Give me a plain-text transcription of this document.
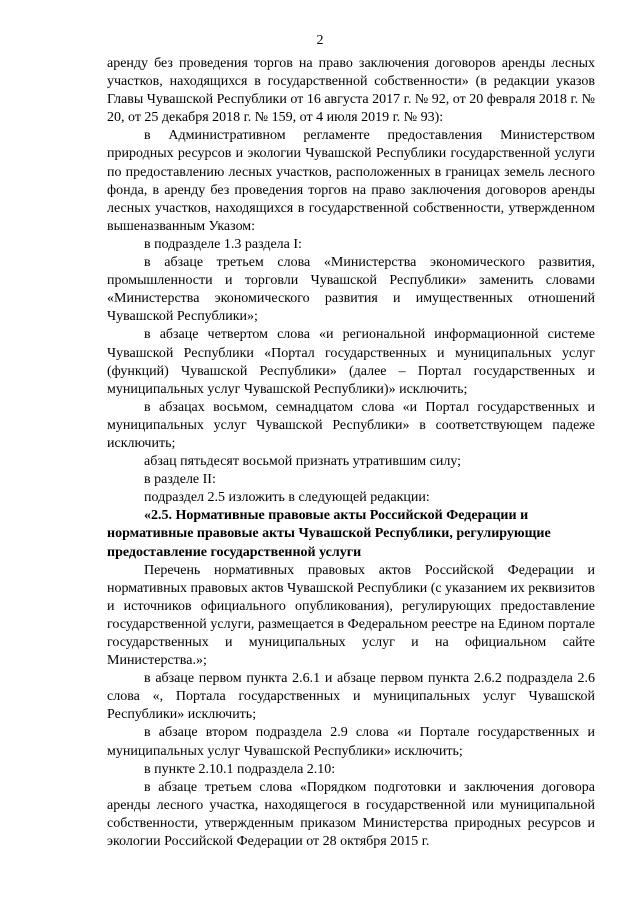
2

аренду без проведения торгов на право заключения договоров аренды лесных участков, находящихся в государственной собственности» (в редакции указов Главы Чувашской Республики от 16 августа 2017 г. № 92, от 20 февраля 2018 г. № 20, от 25 декабря 2018 г. № 159, от 4 июля 2019 г. № 93):

в Административном регламенте предоставления Министерством природных ресурсов и экологии Чувашской Республики государственной услуги по предоставлению лесных участков, расположенных в границах земель лесного фонда, в аренду без проведения торгов на право заключения договоров аренды лесных участков, находящихся в государственной собственности, утвержденном вышеназванным Указом:

в подразделе 1.3 раздела I:

в абзаце третьем слова «Министерства экономического развития, промышленности и торговли Чувашской Республики» заменить словами «Министерства экономического развития и имущественных отношений Чувашской Республики»;

в абзаце четвертом слова «и региональной информационной системе Чувашской Республики «Портал государственных и муниципальных услуг (функций) Чувашской Республики» (далее – Портал государственных и муниципальных услуг Чувашской Республики)» исключить;

в абзацах восьмом, семнадцатом слова «и Портал государственных и муниципальных услуг Чувашской Республики» в соответствующем падеже исключить;

абзац пятьдесят восьмой признать утратившим силу;

в разделе II:

подраздел 2.5 изложить в следующей редакции:

«2.5. Нормативные правовые акты Российской Федерации и нормативные правовые акты Чувашской Республики, регулирующие предоставление государственной услуги

Перечень нормативных правовых актов Российской Федерации и нормативных правовых актов Чувашской Республики (с указанием их реквизитов и источников официального опубликования), регулирующих предоставление государственной услуги, размещается в Федеральном реестре на Едином портале государственных и муниципальных услуг и на официальном сайте Министерства.»;

в абзаце первом пункта 2.6.1 и абзаце первом пункта 2.6.2 подраздела 2.6 слова «, Портала государственных и муниципальных услуг Чувашской Республики» исключить;

в абзаце втором подраздела 2.9 слова «и Портале государственных и муниципальных услуг Чувашской Республики» исключить;

в пункте 2.10.1 подраздела 2.10:

в абзаце третьем слова «Порядком подготовки и заключения договора аренды лесного участка, находящегося в государственной или муниципальной собственности, утвержденным приказом Министерства природных ресурсов и экологии Российской Федерации от 28 октября 2015 г.
